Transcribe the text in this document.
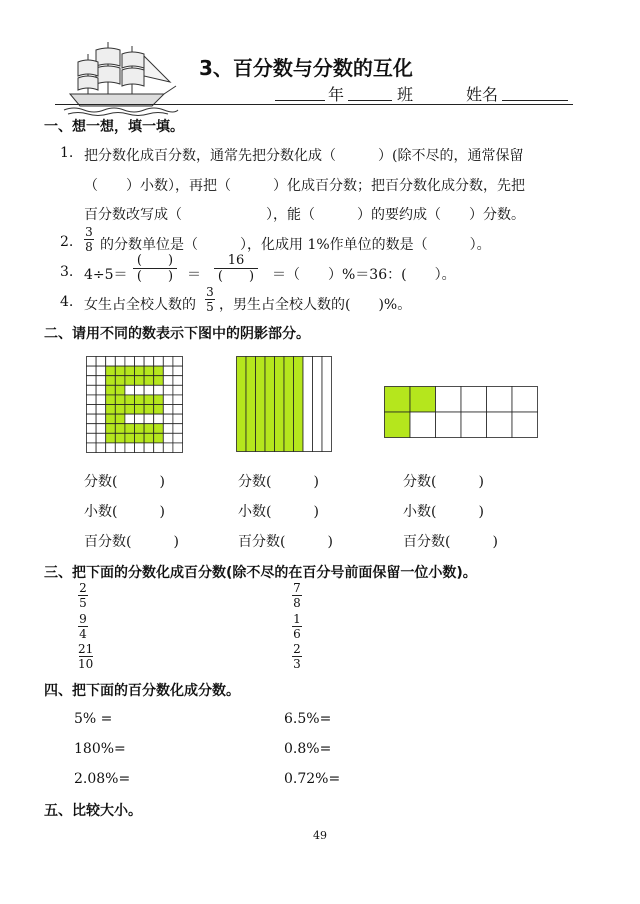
3、百分数与分数的互化
年	班	姓名
一、想一想，填一填。
1. 把分数化成百分数，通常先把分数化成（　　　）(除不尽的，通常保留
（　　）小数），再把（　　　）化成百分数；把百分数化成分数，先把
百分数改写成（　　　　　　），能（　　　）的要约成（　　）分数。
2.
3
8 的分数单位是（　　　），化成用 1%作单位的数是（　　　）。
3. 4÷5＝
(　　)
(　　) ＝
16
(　　) ＝（　　）%＝36：(　　）。
4. 女生占全校人数的
3
5 ，男生占全校人数的(　　)%。
二、请用不同的数表示下图中的阴影部分。
分数(　　　)
小数(　　　)
百分数(　　　)
分数(　　　)
小数(　　　)
百分数(　　　)
分数(　　　)
小数(　　　)
百分数(　　　)
三、把下面的分数化成百分数(除不尽的在百分号前面保留一位小数)。
2
5
9
4
21
10
7
8
1
6
2
3
四、把下面的百分数化成分数。
5% =
180%=
2.08%=
6.5%=
0.8%=
0.72%=
五、比较大小。
49
